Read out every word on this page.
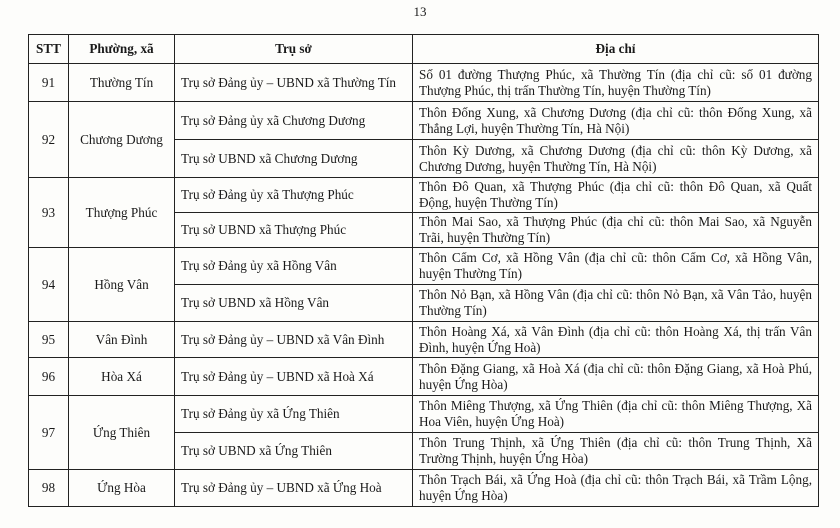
13
STT	Phường, xã	Trụ sở	Địa chỉ
91	Thường Tín	Trụ sở Đảng ủy – UBND xã Thường Tín	Số 01 đường Thượng Phúc, xã Thường Tín (địa chỉ cũ: số 01 đường Thượng Phúc, thị trấn Thường Tín, huyện Thường Tín)
92	Chương Dương	Trụ sở Đảng ủy xã Chương Dương	Thôn Đống Xung, xã Chương Dương (địa chỉ cũ: thôn Đống Xung, xã Thắng Lợi, huyện Thường Tín, Hà Nội)
		Trụ sở UBND xã Chương Dương	Thôn Kỳ Dương, xã Chương Dương (địa chỉ cũ: thôn Kỳ Dương, xã Chương Dương, huyện Thường Tín, Hà Nội)
93	Thượng Phúc	Trụ sở Đảng ủy xã Thượng Phúc	Thôn Đô Quan, xã Thượng Phúc (địa chỉ cũ: thôn Đô Quan, xã Quất Động, huyện Thường Tín)
		Trụ sở UBND xã Thượng Phúc	Thôn Mai Sao, xã Thượng Phúc (địa chỉ cũ: thôn Mai Sao, xã Nguyễn Trãi, huyện Thường Tín)
94	Hồng Vân	Trụ sở Đảng ủy xã Hồng Vân	Thôn Cẩm Cơ, xã Hồng Vân (địa chỉ cũ: thôn Cẩm Cơ, xã Hồng Vân, huyện Thường Tín)
		Trụ sở UBND xã Hồng Vân	Thôn Nỏ Bạn, xã Hồng Vân (địa chỉ cũ: thôn Nỏ Bạn, xã Vân Tảo, huyện Thường Tín)
95	Vân Đình	Trụ sở Đảng ủy – UBND xã Vân Đình	Thôn Hoàng Xá, xã Vân Đình (địa chỉ cũ: thôn Hoàng Xá, thị trấn Vân Đình, huyện Ứng Hoà)
96	Hòa Xá	Trụ sở Đảng ủy – UBND xã Hoà Xá	Thôn Đặng Giang, xã Hoà Xá (địa chỉ cũ: thôn Đặng Giang, xã Hoà Phú, huyện Ứng Hòa)
97	Ứng Thiên	Trụ sở Đảng ủy xã Ứng Thiên	Thôn Miêng Thượng, xã Ứng Thiên (địa chỉ cũ: thôn Miêng Thượng, Xã Hoa Viên, huyện Ứng Hoà)
		Trụ sở UBND xã Ứng Thiên	Thôn Trung Thịnh, xã Ứng Thiên (địa chỉ cũ: thôn Trung Thịnh, Xã Trường Thịnh, huyện Ứng Hòa)
98	Ứng Hòa	Trụ sở Đảng ủy – UBND xã Ứng Hoà	Thôn Trạch Bái, xã Ứng Hoà (địa chỉ cũ: thôn Trạch Bái, xã Trầm Lộng, huyện Ứng Hòa)
